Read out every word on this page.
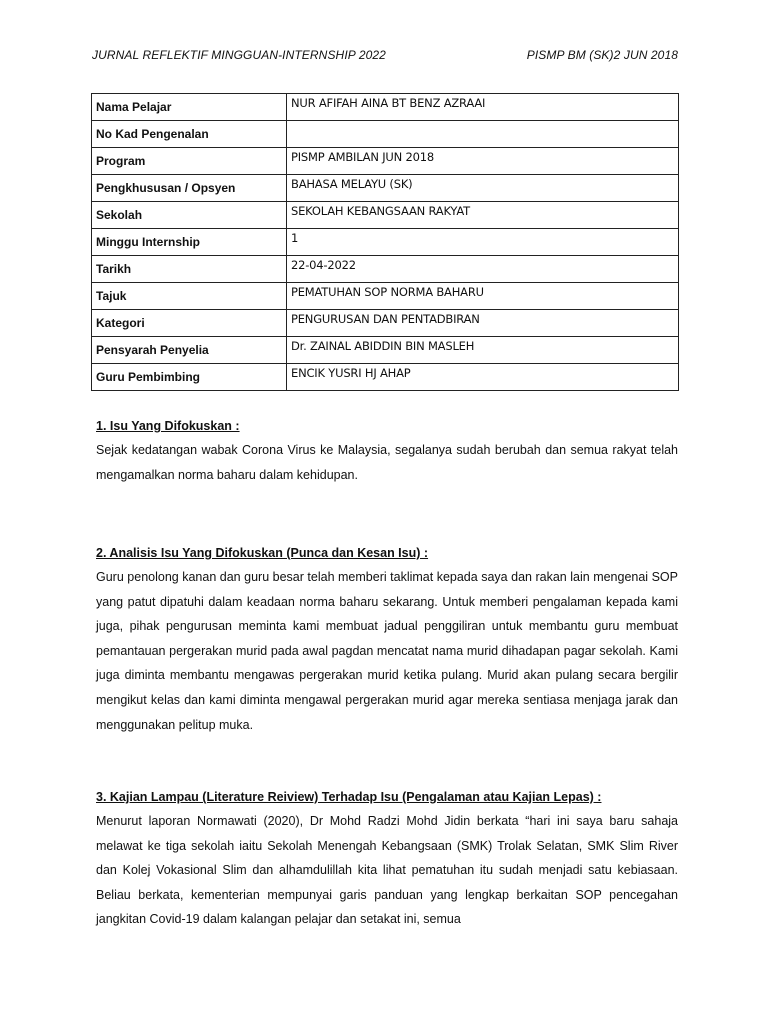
JURNAL REFLEKTIF MINGGUAN-INTERNSHIP 2022	PISMP BM (SK)2 JUN 2018
Nama Pelajar	NUR AFIFAH AINA BT BENZ AZRAAI
No Kad Pengenalan	
Program	PISMP AMBILAN JUN 2018
Pengkhususan / Opsyen	BAHASA MELAYU (SK)
Sekolah	SEKOLAH KEBANGSAAN RAKYAT
Minggu Internship	1
Tarikh	22-04-2022
Tajuk	PEMATUHAN SOP NORMA BAHARU
Kategori	PENGURUSAN DAN PENTADBIRAN
Pensyarah Penyelia	Dr. ZAINAL ABIDDIN BIN MASLEH
Guru Pembimbing	ENCIK YUSRI HJ AHAP
1. Isu Yang Difokuskan :

Sejak kedatangan wabak Corona Virus ke Malaysia, segalanya sudah berubah dan semua rakyat telah mengamalkan norma baharu dalam kehidupan.

2. Analisis Isu Yang Difokuskan (Punca dan Kesan Isu) :

Guru penolong kanan dan guru besar telah memberi taklimat kepada saya dan rakan lain mengenai SOP yang patut dipatuhi dalam keadaan norma baharu sekarang. Untuk memberi pengalaman kepada kami juga, pihak pengurusan meminta kami membuat jadual penggiliran untuk membantu guru membuat pemantauan pergerakan murid pada awal pagdan mencatat nama murid dihadapan pagar sekolah. Kami juga diminta membantu mengawas pergerakan murid ketika pulang. Murid akan pulang secara bergilir mengikut kelas dan kami diminta mengawal pergerakan murid agar mereka sentiasa menjaga jarak dan menggunakan pelitup muka.

3. Kajian Lampau (Literature Reiview) Terhadap Isu (Pengalaman atau Kajian Lepas) :

Menurut laporan Normawati (2020), Dr Mohd Radzi Mohd Jidin berkata “hari ini saya baru sahaja melawat ke tiga sekolah iaitu Sekolah Menengah Kebangsaan (SMK) Trolak Selatan, SMK Slim River dan Kolej Vokasional Slim dan alhamdulillah kita lihat pematuhan itu sudah menjadi satu kebiasaan. Beliau berkata, kementerian mempunyai garis panduan yang lengkap berkaitan SOP pencegahan jangkitan Covid-19 dalam kalangan pelajar dan setakat ini, semua
